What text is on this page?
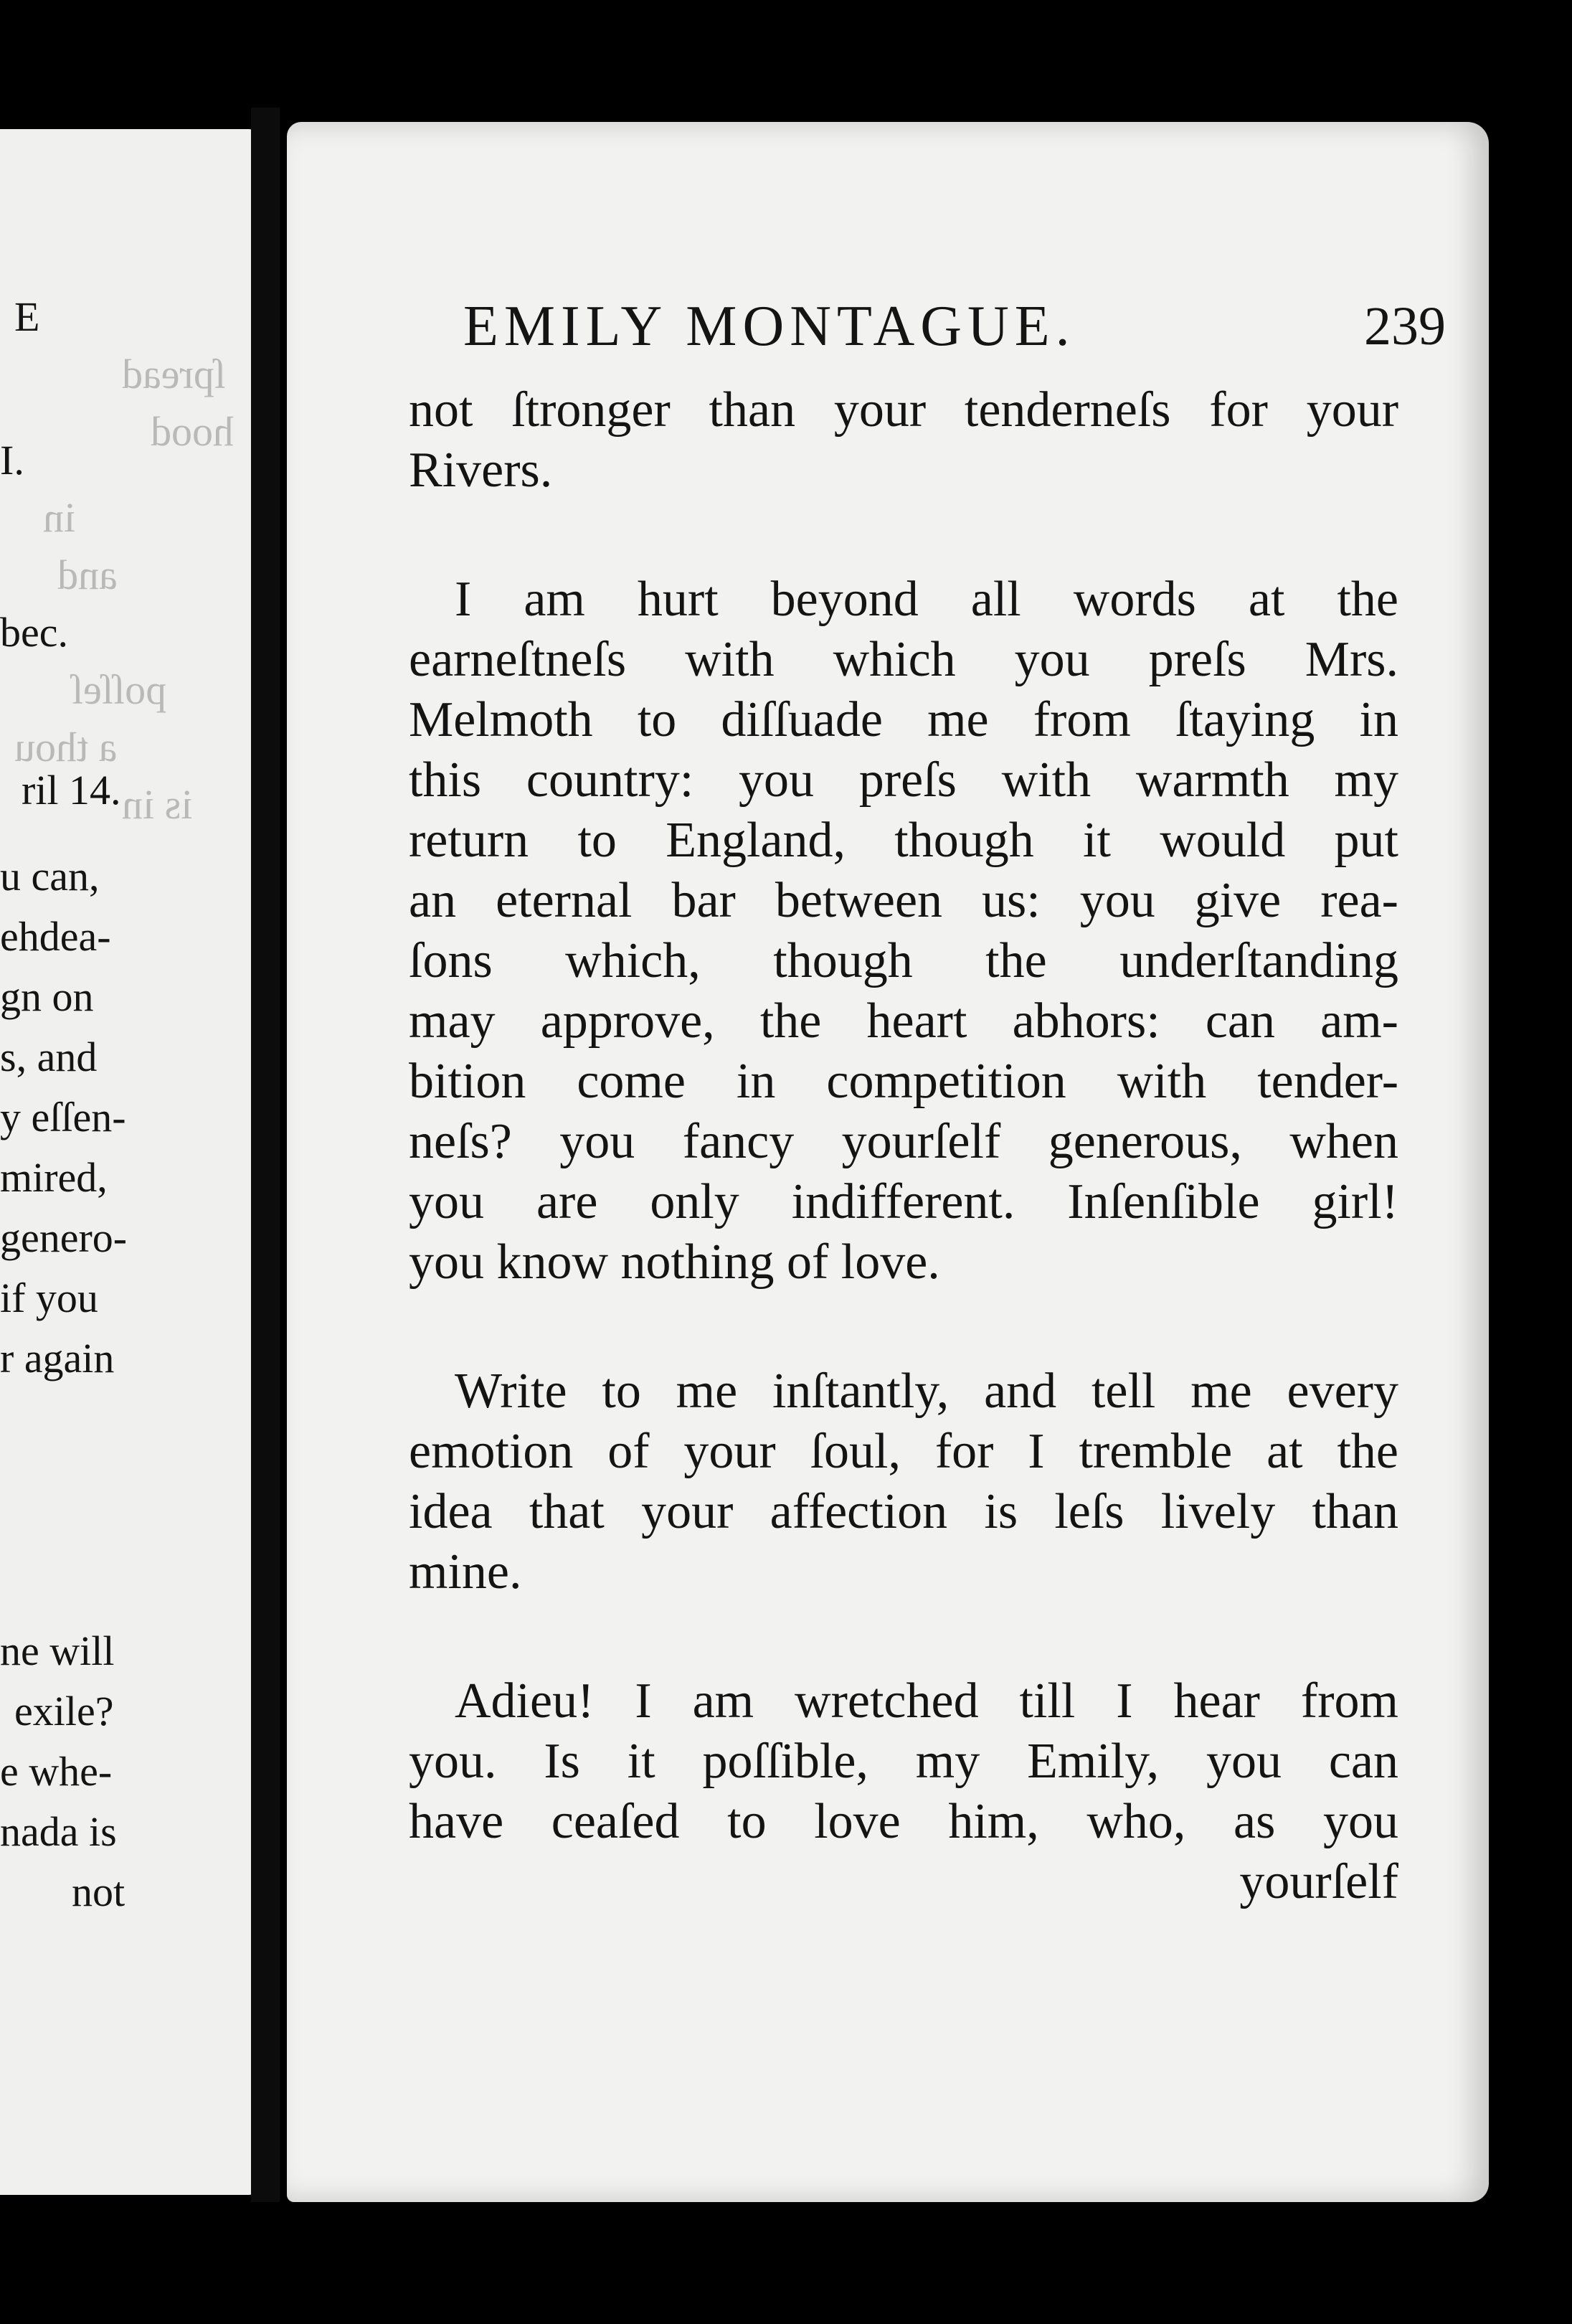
E
ſpread
hood
I.
in
and
bec.
poſſeſ
a thou
ril 14. is in
u can,
ehdea-
gn on
s, and
y eſſen-
mired,
genero-
if you
r again
ne will
exile?
e whe-
nada is
not
EMILY MONTAGUE.	239

not ſtronger than your tenderneſs for your

Rivers.

I am hurt beyond all words at the

earneſtneſs with which you preſs Mrs.

Melmoth to diſſuade me from ſtaying in

this country: you preſs with warmth my

return to England, though it would put

an eternal bar between us: you give rea-

ſons which, though the underſtanding

may approve, the heart abhors: can am-

bition come in competition with tender-

neſs? you fancy yourſelf generous, when

you are only indifferent. Inſenſible girl!

you know nothing of love.

Write to me inſtantly, and tell me every

emotion of your ſoul, for I tremble at the

idea that your affection is leſs lively than

mine.

Adieu! I am wretched till I hear from

you. Is it poſſible, my Emily, you can

have ceaſed to love him, who, as you

yourſelf
